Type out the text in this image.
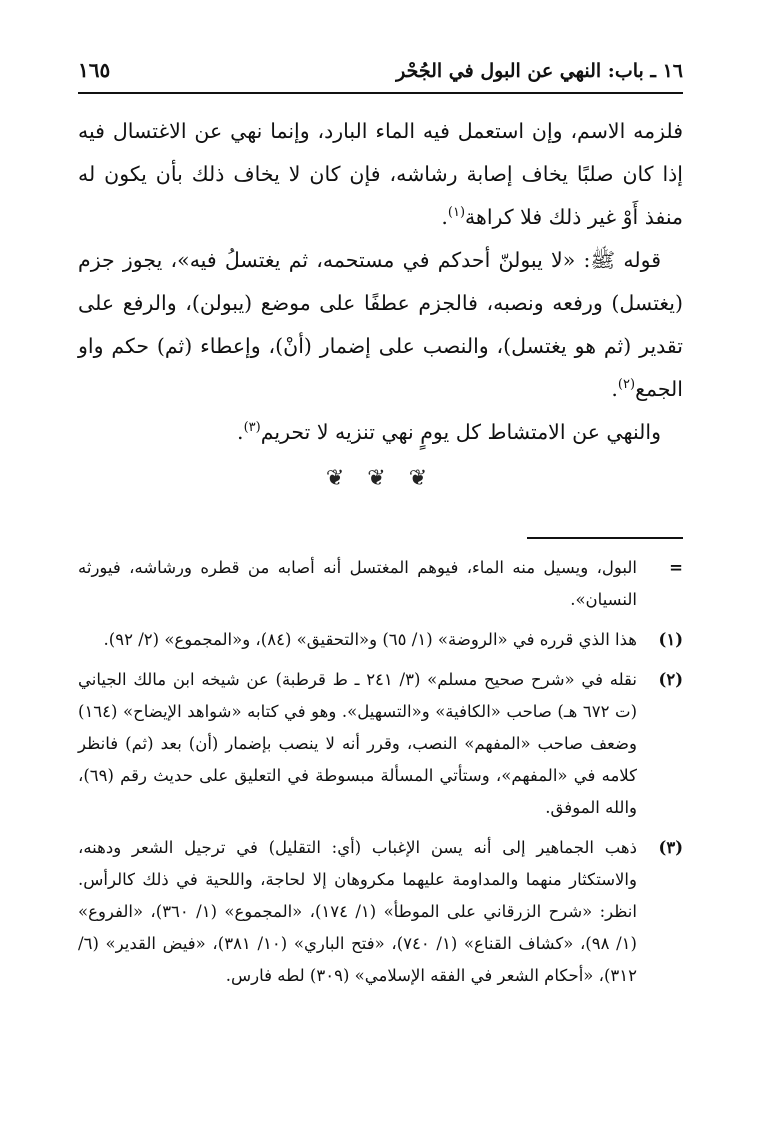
١٦ ـ باب: النهي عن البول في الجُحْر
١٦٥

فلزمه الاسم، وإن استعمل فيه الماء البارد، وإنما نهي عن الاغتسال فيه إذا كان صلبًا يخاف إصابة رشاشه، فإن كان لا يخاف ذلك بأن يكون له منفذ أَوْ غير ذلك فلا كراهة$^{(١)}$.

قوله ﷺ: «لا يبولنّ أحدكم في مستحمه، ثم يغتسلُ فيه»، يجوز جزم (يغتسل) ورفعه ونصبه، فالجزم عطفًا على موضع (يبولن)، والرفع على تقدير (ثم هو يغتسل)، والنصب على إضمار (أنْ)، وإعطاء (ثم) حكم واو الجمع$^{(٢)}$.

والنهي عن الامتشاط كل يومٍ نهي تنزيه لا تحريم$^{(٣)}$.

❦ ❦ ❦
=
البول، ويسيل منه الماء، فيوهم المغتسل أنه أصابه من قطره ورشاشه، فيورثه النسيان».
(١)
هذا الذي قرره في «الروضة» (١/ ٦٥) و«التحقيق» (٨٤)، و«المجموع» (٢/ ٩٢).
(٢)
نقله في «شرح صحيح مسلم» (٣/ ٢٤١ ـ ط قرطبة) عن شيخه ابن مالك الجياني (ت ٦٧٢ هـ) صاحب «الكافية» و«التسهيل». وهو في كتابه «شواهد الإيضاح» (١٦٤) وضعف صاحب «المفهم» النصب، وقرر أنه لا ينصب بإضمار (أن) بعد (ثم) فانظر كلامه في «المفهم»، وستأتي المسألة مبسوطة في التعليق على حديث رقم (٦٩)، والله الموفق.
(٣)
ذهب الجماهير إلى أنه يسن الإغباب (أي: التقليل) في ترجيل الشعر ودهنه، والاستكثار منهما والمداومة عليهما مكروهان إلا لحاجة، واللحية في ذلك كالرأس. انظر: «شرح الزرقاني على الموطأ» (١/ ١٧٤)، «المجموع» (١/ ٣٦٠)، «الفروع» (١/ ٩٨)، «كشاف القناع» (١/ ٧٤٠)، «فتح الباري» (١٠/ ٣٨١)، «فيض القدير» (٦/ ٣١٢)، «أحكام الشعر في الفقه الإسلامي» (٣٠٩) لطه فارس.
